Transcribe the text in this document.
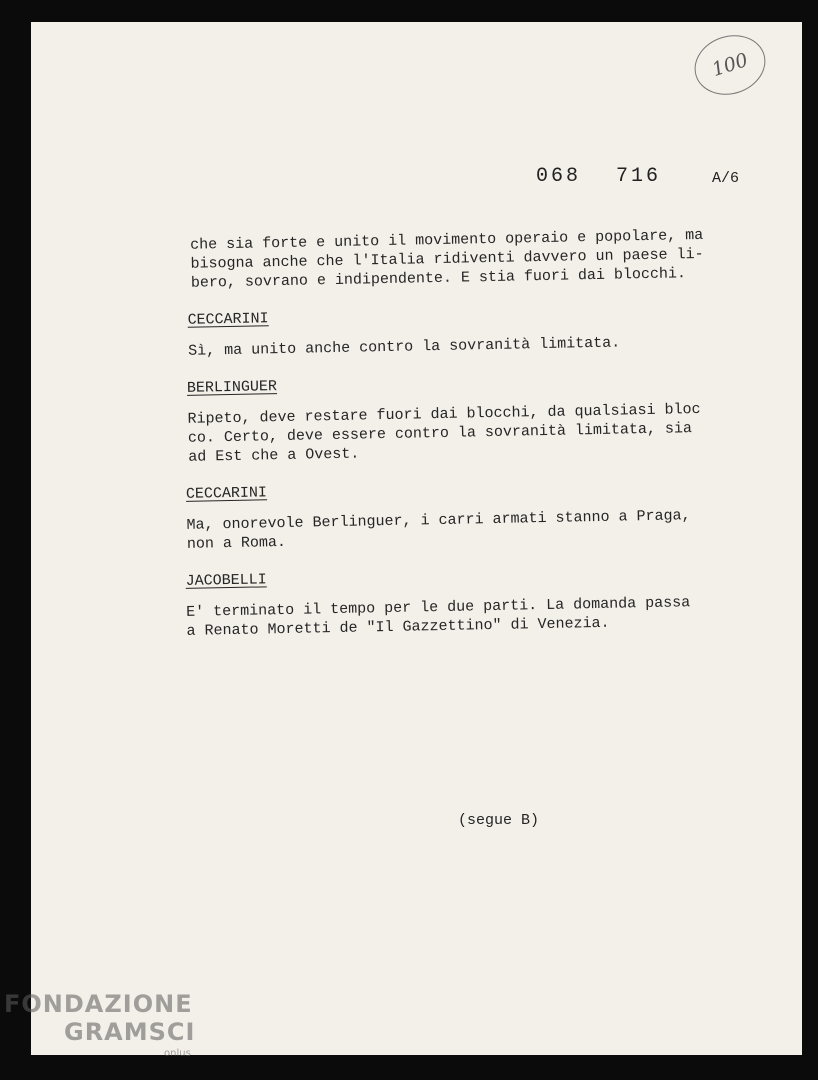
100
068 716	A/6

che sia forte e unito il movimento operaio e popolare, ma
bisogna anche che l'Italia ridiventi davvero un paese li-
bero, sovrano e indipendente. E stia fuori dai blocchi.

CECCARINI

Sì, ma unito anche contro la sovranità limitata.

BERLINGUER

Ripeto, deve restare fuori dai blocchi, da qualsiasi bloc
co. Certo, deve essere contro la sovranità limitata, sia
ad Est che a Ovest.

CECCARINI

Ma, onorevole Berlinguer, i carri armati stanno a Praga,
non a Roma.

JACOBELLI

E' terminato il tempo per le due parti. La domanda passa
a Renato Moretti de "Il Gazzettino" di Venezia.

(segue B)
FONDAZIONE
GRAMSCI
onlus
